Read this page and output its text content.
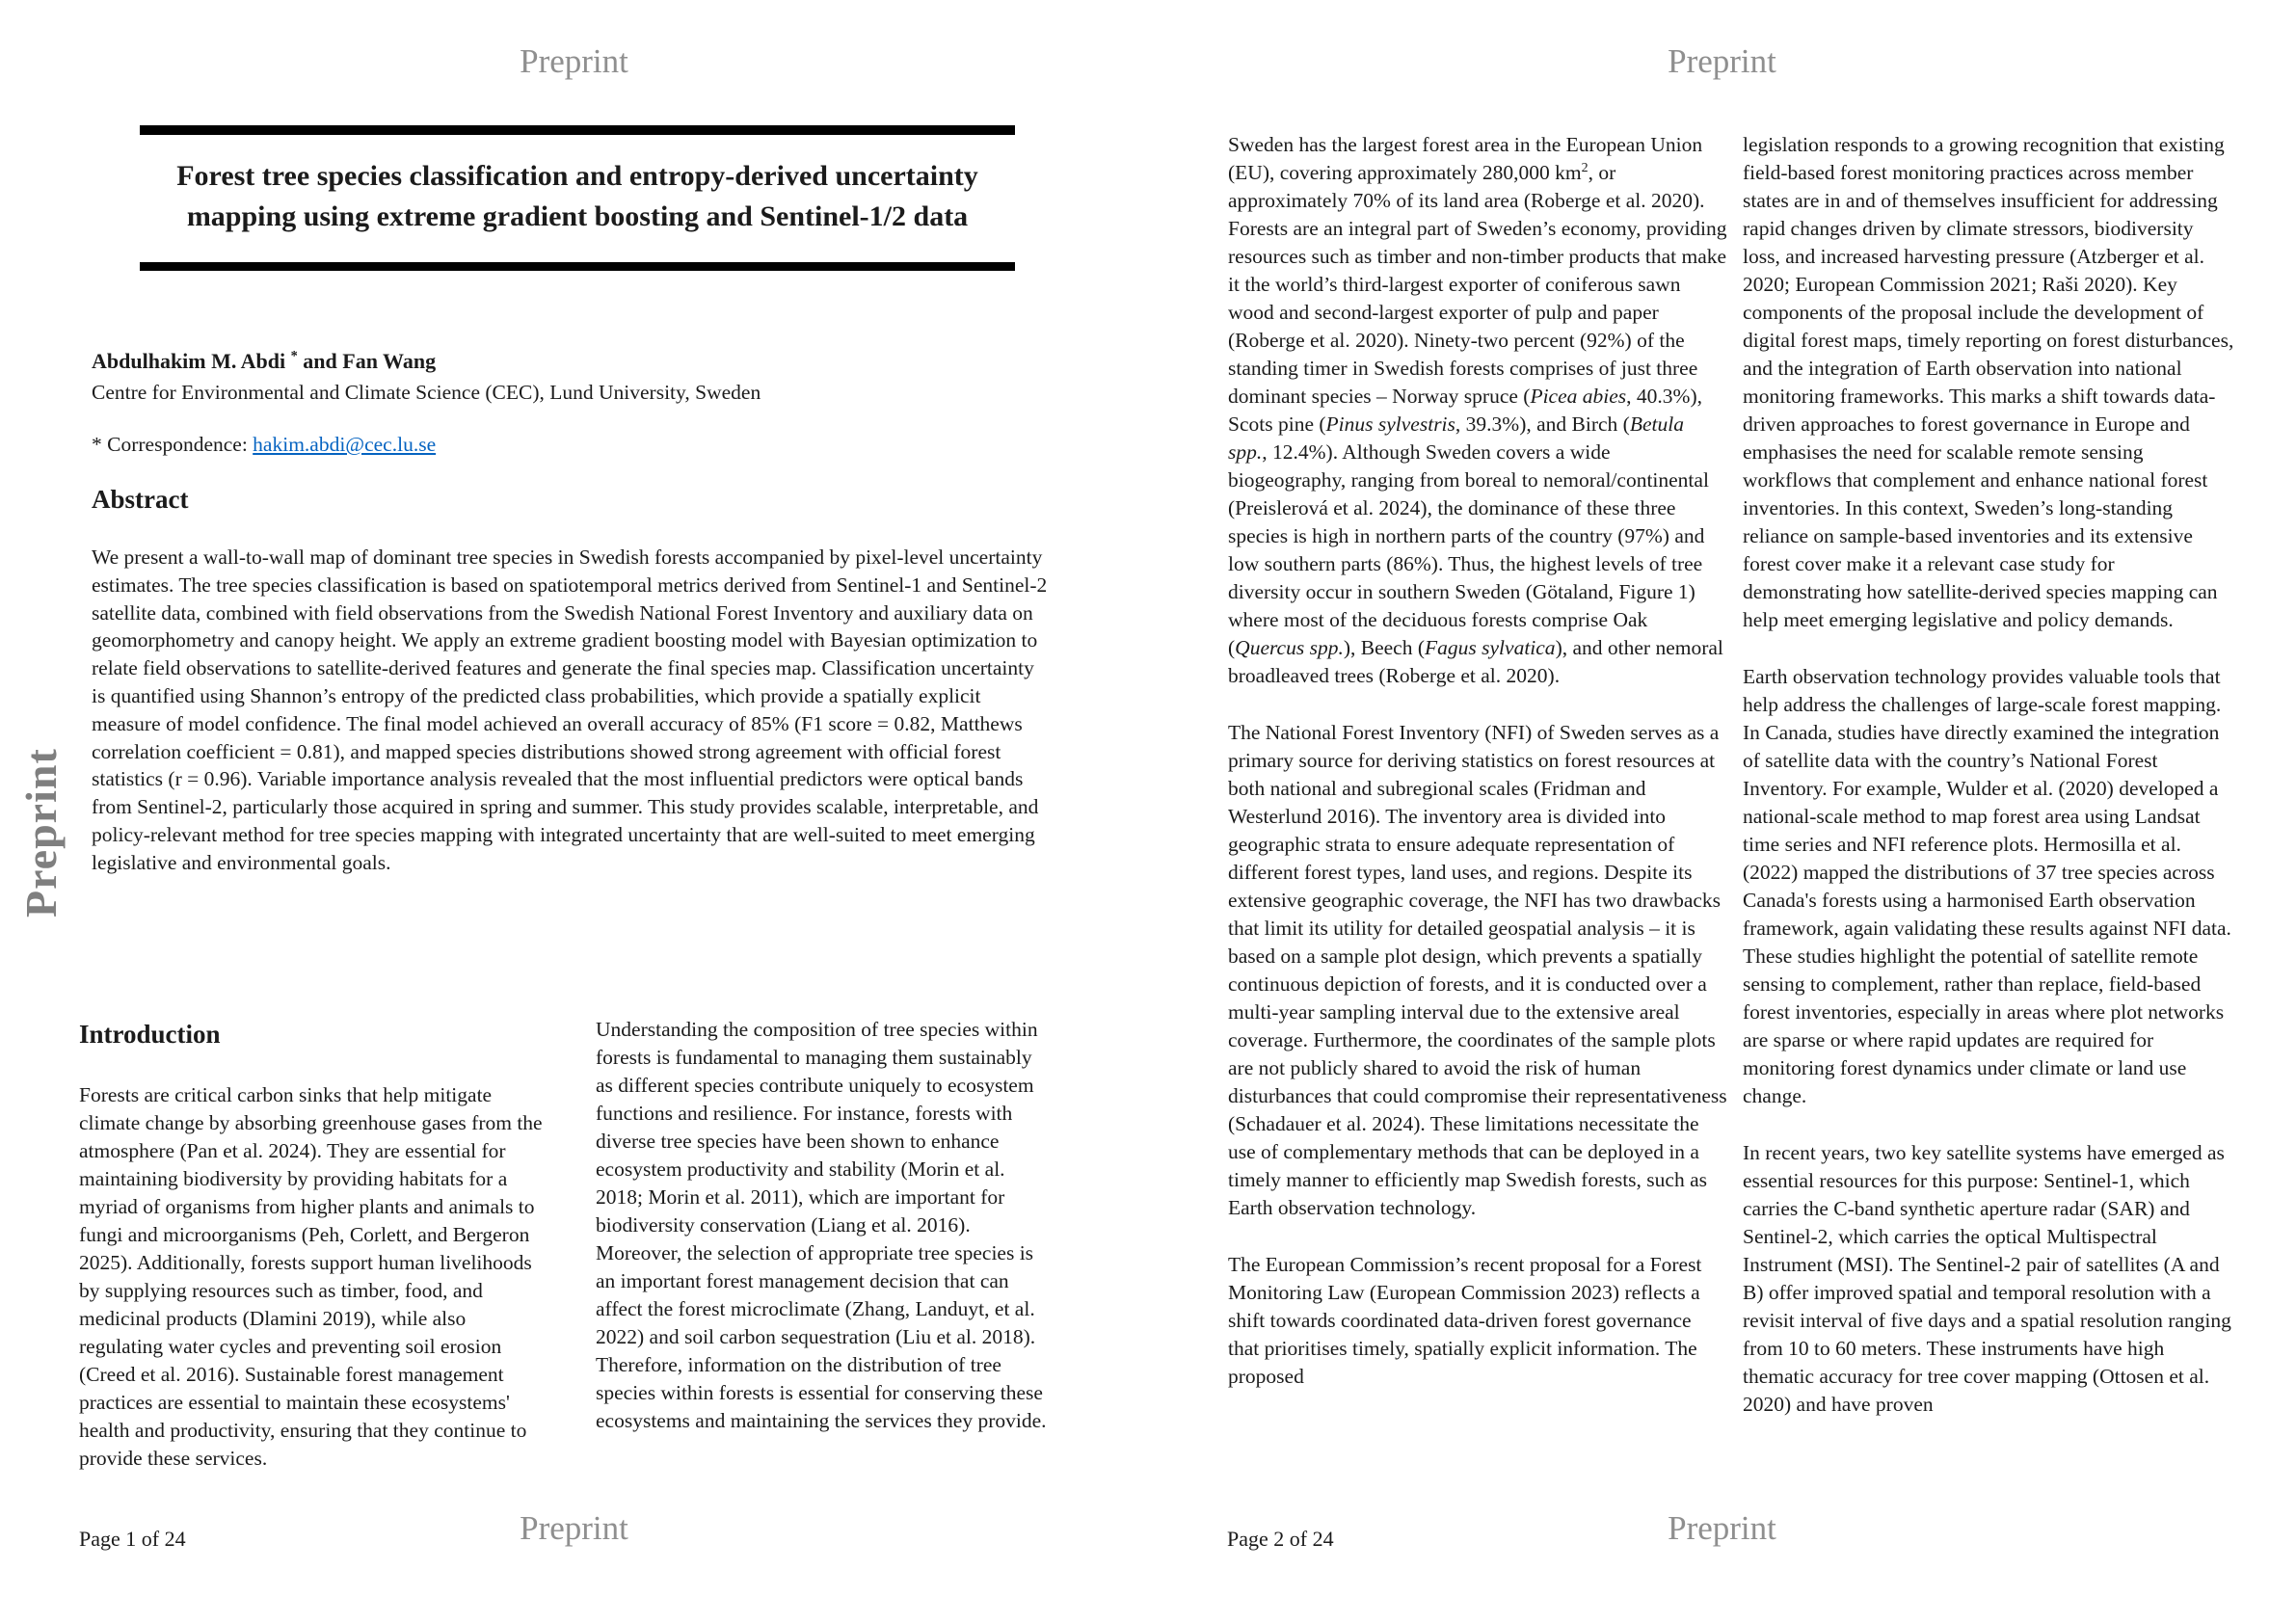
Preprint
Preprint
Forest tree species classification and entropy-derived uncertainty mapping using extreme gradient boosting and Sentinel-1/2 data
Abdulhakim M. Abdi * and Fan Wang
Centre for Environmental and Climate Science (CEC), Lund University, Sweden
* Correspondence: hakim.abdi@cec.lu.se
Abstract
We present a wall-to-wall map of dominant tree species in Swedish forests accompanied by pixel-level uncertainty estimates. The tree species classification is based on spatiotemporal metrics derived from Sentinel-1 and Sentinel-2 satellite data, combined with field observations from the Swedish National Forest Inventory and auxiliary data on geomorphometry and canopy height. We apply an extreme gradient boosting model with Bayesian optimization to relate field observations to satellite-derived features and generate the final species map. Classification uncertainty is quantified using Shannon’s entropy of the predicted class probabilities, which provide a spatially explicit measure of model confidence. The final model achieved an overall accuracy of 85% (F1 score = 0.82, Matthews correlation coefficient = 0.81), and mapped species distributions showed strong agreement with official forest statistics (r = 0.96). Variable importance analysis revealed that the most influential predictors were optical bands from Sentinel-2, particularly those acquired in spring and summer. This study provides scalable, interpretable, and policy-relevant method for tree species mapping with integrated uncertainty that are well-suited to meet emerging legislative and environmental goals.
Introduction

Forests are critical carbon sinks that help mitigate climate change by absorbing greenhouse gases from the atmosphere (Pan et al. 2024). They are essential for maintaining biodiversity by providing habitats for a myriad of organisms from higher plants and animals to fungi and microorganisms (Peh, Corlett, and Bergeron 2025). Additionally, forests support human livelihoods by supplying resources such as timber, food, and medicinal products (Dlamini 2019), while also regulating water cycles and preventing soil erosion (Creed et al. 2016). Sustainable forest management practices are essential to maintain these ecosystems' health and productivity, ensuring that they continue to provide these services.

Understanding the composition of tree species within forests is fundamental to managing them sustainably as different species contribute uniquely to ecosystem functions and resilience. For instance, forests with diverse tree species have been shown to enhance ecosystem productivity and stability (Morin et al. 2018; Morin et al. 2011), which are important for biodiversity conservation (Liang et al. 2016). Moreover, the selection of appropriate tree species is an important forest management decision that can affect the forest microclimate (Zhang, Landuyt, et al. 2022) and soil carbon sequestration (Liu et al. 2018). Therefore, information on the distribution of tree species within forests is essential for conserving these ecosystems and maintaining the services they provide.

Preprint
Page 1 of 24
Preprint

Sweden has the largest forest area in the European Union (EU), covering approximately 280,000 $km^2$, or approximately 70% of its land area (Roberge et al. 2020). Forests are an integral part of Sweden’s economy, providing resources such as timber and non-timber products that make it the world’s third-largest exporter of coniferous sawn wood and second-largest exporter of pulp and paper (Roberge et al. 2020). Ninety-two percent (92%) of the standing timer in Swedish forests comprises of just three dominant species – Norway spruce (Picea abies, 40.3%), Scots pine (Pinus sylvestris, 39.3%), and Birch (Betula spp., 12.4%). Although Sweden covers a wide biogeography, ranging from boreal to nemoral/continental (Preislerová et al. 2024), the dominance of these three species is high in northern parts of the country (97%) and low southern parts (86%). Thus, the highest levels of tree diversity occur in southern Sweden (Götaland, Figure 1) where most of the deciduous forests comprise Oak (Quercus spp.), Beech (Fagus sylvatica), and other nemoral broadleaved trees (Roberge et al. 2020).

The National Forest Inventory (NFI) of Sweden serves as a primary source for deriving statistics on forest resources at both national and subregional scales (Fridman and Westerlund 2016). The inventory area is divided into geographic strata to ensure adequate representation of different forest types, land uses, and regions. Despite its extensive geographic coverage, the NFI has two drawbacks that limit its utility for detailed geospatial analysis – it is based on a sample plot design, which prevents a spatially continuous depiction of forests, and it is conducted over a multi-year sampling interval due to the extensive areal coverage. Furthermore, the coordinates of the sample plots are not publicly shared to avoid the risk of human disturbances that could compromise their representativeness (Schadauer et al. 2024). These limitations necessitate the use of complementary methods that can be deployed in a timely manner to efficiently map Swedish forests, such as Earth observation technology.

The European Commission’s recent proposal for a Forest Monitoring Law (European Commission 2023) reflects a shift towards coordinated data-driven forest governance that prioritises timely, spatially explicit information. The proposed

legislation responds to a growing recognition that existing field-based forest monitoring practices across member states are in and of themselves insufficient for addressing rapid changes driven by climate stressors, biodiversity loss, and increased harvesting pressure (Atzberger et al. 2020; European Commission 2021; Raši 2020). Key components of the proposal include the development of digital forest maps, timely reporting on forest disturbances, and the integration of Earth observation into national monitoring frameworks. This marks a shift towards data-driven approaches to forest governance in Europe and emphasises the need for scalable remote sensing workflows that complement and enhance national forest inventories. In this context, Sweden’s long-standing reliance on sample-based inventories and its extensive forest cover make it a relevant case study for demonstrating how satellite-derived species mapping can help meet emerging legislative and policy demands.

Earth observation technology provides valuable tools that help address the challenges of large-scale forest mapping. In Canada, studies have directly examined the integration of satellite data with the country’s National Forest Inventory. For example, Wulder et al. (2020) developed a national-scale method to map forest area using Landsat time series and NFI reference plots. Hermosilla et al. (2022) mapped the distributions of 37 tree species across Canada's forests using a harmonised Earth observation framework, again validating these results against NFI data. These studies highlight the potential of satellite remote sensing to complement, rather than replace, field-based forest inventories, especially in areas where plot networks are sparse or where rapid updates are required for monitoring forest dynamics under climate or land use change.

In recent years, two key satellite systems have emerged as essential resources for this purpose: Sentinel-1, which carries the C-band synthetic aperture radar (SAR) and Sentinel-2, which carries the optical Multispectral Instrument (MSI). The Sentinel-2 pair of satellites (A and B) offer improved spatial and temporal resolution with a revisit interval of five days and a spatial resolution ranging from 10 to 60 meters. These instruments have high thematic accuracy for tree cover mapping (Ottosen et al. 2020) and have proven

Preprint
Page 2 of 24
